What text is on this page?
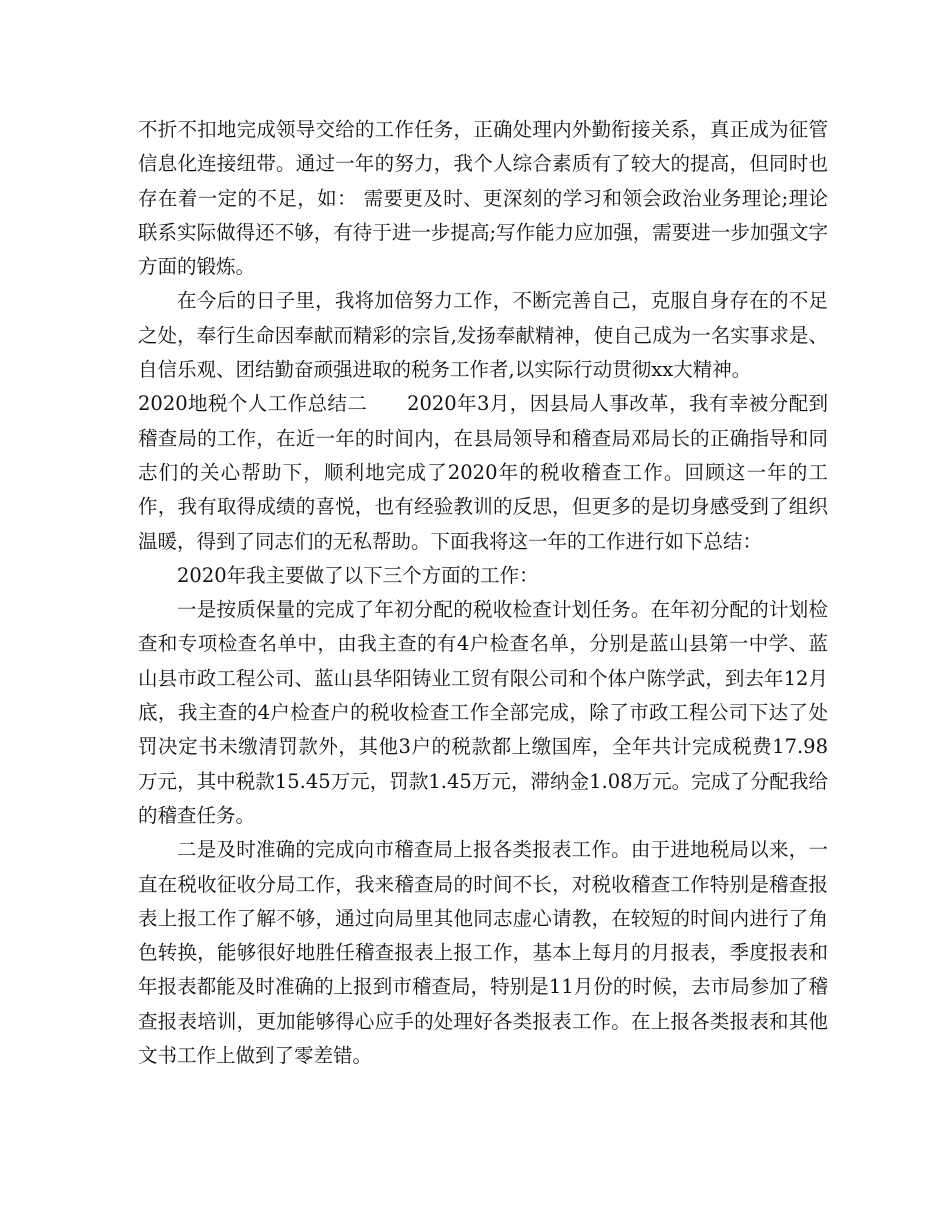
不折不扣地完成领导交给的工作任务，正确处理内外勤衔接关系，真正成为征管信息化连接纽带。通过一年的努力，我个人综合素质有了较大的提高，但同时也存在着一定的不足，如： 需要更及时、更深刻的学习和领会政治业务理论;理论联系实际做得还不够，有待于进一步提高;写作能力应加强，需要进一步加强文字方面的锻炼。

在今后的日子里，我将加倍努力工作，不断完善自己，克服自身存在的不足之处，奉行生命因奉献而精彩的宗旨,发扬奉献精神，使自己成为一名实事求是、自信乐观、团结勤奋顽强进取的税务工作者,以实际行动贯彻xx大精神。

2020地税个人工作总结二　　2020年3月，因县局人事改革，我有幸被分配到稽查局的工作，在近一年的时间内，在县局领导和稽查局邓局长的正确指导和同志们的关心帮助下，顺利地完成了2020年的税收稽查工作。回顾这一年的工作，我有取得成绩的喜悦，也有经验教训的反思，但更多的是切身感受到了组织温暖，得到了同志们的无私帮助。下面我将这一年的工作进行如下总结：

2020年我主要做了以下三个方面的工作：

一是按质保量的完成了年初分配的税收检查计划任务。在年初分配的计划检查和专项检查名单中，由我主查的有4户检查名单，分别是蓝山县第一中学、蓝山县市政工程公司、蓝山县华阳铸业工贸有限公司和个体户陈学武，到去年12月底，我主查的4户检查户的税收检查工作全部完成，除了市政工程公司下达了处罚决定书未缴清罚款外，其他3户的税款都上缴国库，全年共计完成税费17.98万元，其中税款15.45万元，罚款1.45万元，滞纳金1.08万元。完成了分配我给的稽查任务。

二是及时准确的完成向市稽查局上报各类报表工作。由于进地税局以来，一直在税收征收分局工作，我来稽查局的时间不长，对税收稽查工作特别是稽查报表上报工作了解不够，通过向局里其他同志虚心请教，在较短的时间内进行了角色转换，能够很好地胜任稽查报表上报工作，基本上每月的月报表，季度报表和年报表都能及时准确的上报到市稽查局，特别是11月份的时候，去市局参加了稽查报表培训，更加能够得心应手的处理好各类报表工作。在上报各类报表和其他文书工作上做到了零差错。
